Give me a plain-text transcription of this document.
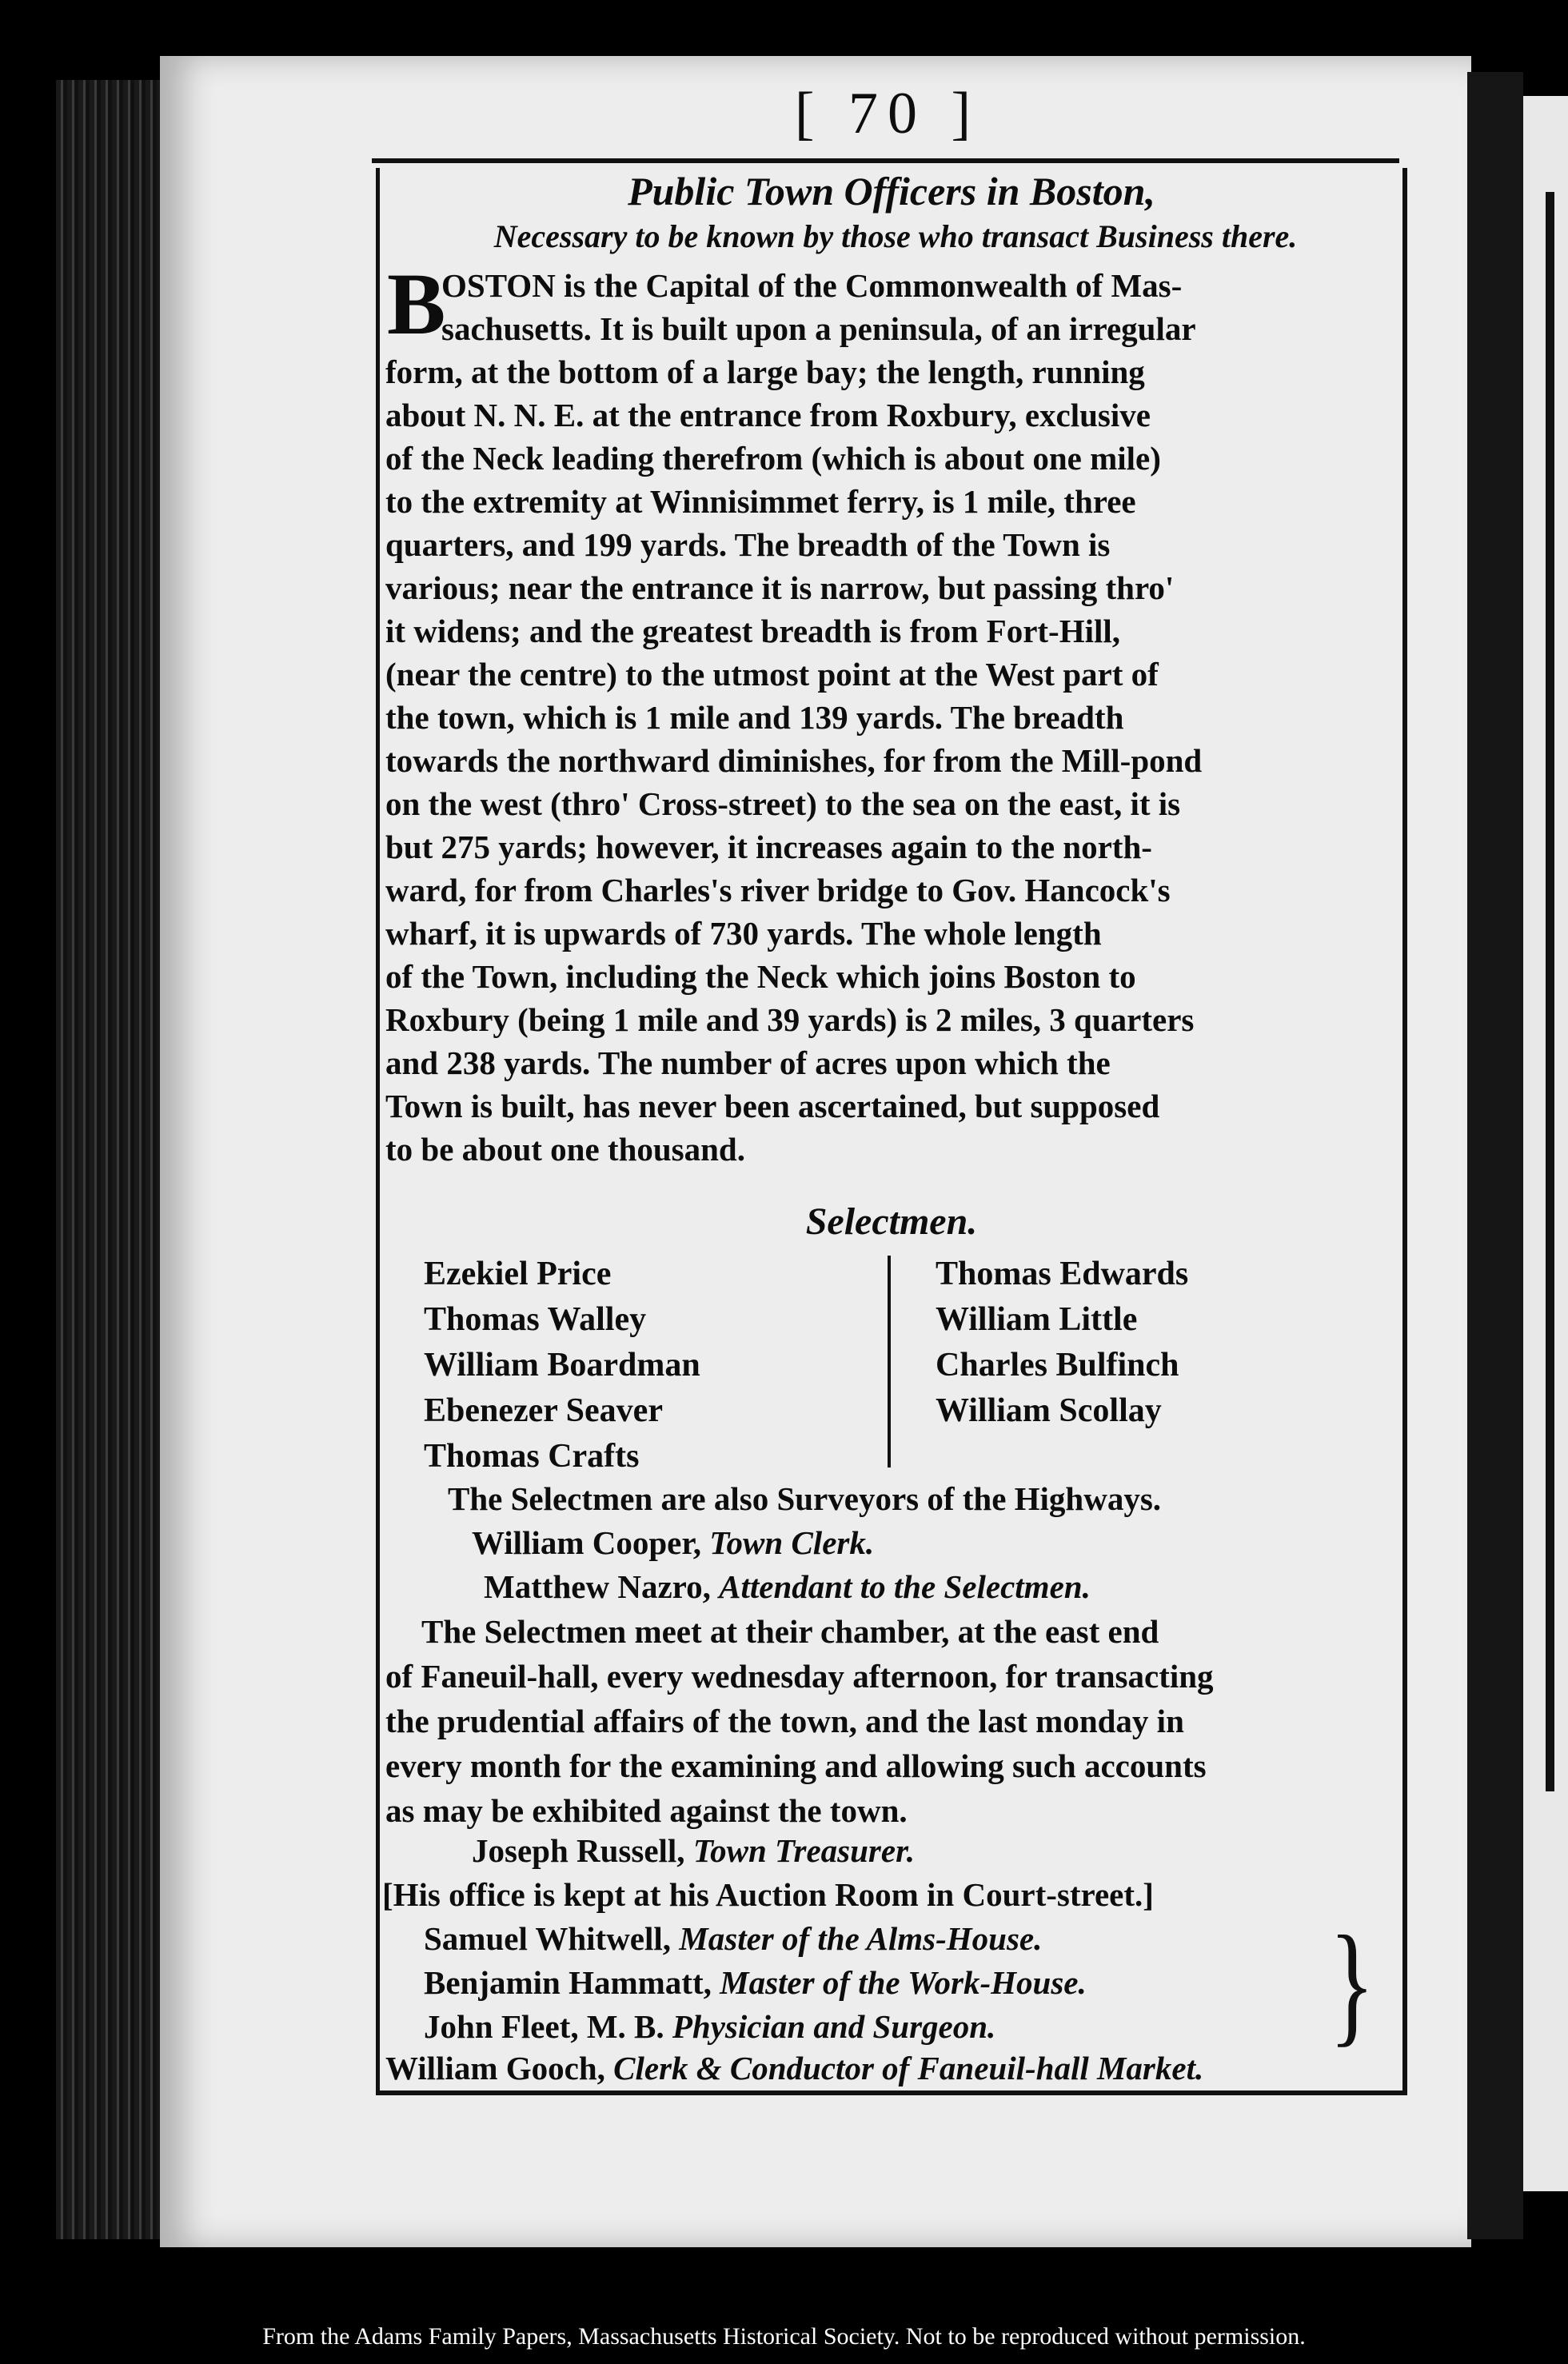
[ 70 ]
Public Town Officers in Boston,
Necessary to be known by those who transact Business there.
B
OSTON is the Capital of the Commonwealth of Mas-
sachusetts. It is built upon a peninsula, of an irregular
form, at the bottom of a large bay; the length, running
about N. N. E. at the entrance from Roxbury, exclusive
of the Neck leading therefrom (which is about one mile)
to the extremity at Winnisimmet ferry, is 1 mile, three
quarters, and 199 yards. The breadth of the Town is
various; near the entrance it is narrow, but passing thro'
it widens; and the greatest breadth is from Fort-Hill,
(near the centre) to the utmost point at the West part of
the town, which is 1 mile and 139 yards. The breadth
towards the northward diminishes, for from the Mill-pond
on the west (thro' Cross-street) to the sea on the east, it is
but 275 yards; however, it increases again to the north-
ward, for from Charles's river bridge to Gov. Hancock's
wharf, it is upwards of 730 yards. The whole length
of the Town, including the Neck which joins Boston to
Roxbury (being 1 mile and 39 yards) is 2 miles, 3 quarters
and 238 yards. The number of acres upon which the
Town is built, has never been ascertained, but supposed
to be about one thousand.
Selectmen.
Ezekiel Price
Thomas Walley
William Boardman
Ebenezer Seaver
Thomas Crafts
Thomas Edwards
William Little
Charles Bulfinch
William Scollay
The Selectmen are also Surveyors of the Highways.
William Cooper, Town Clerk.
Matthew Nazro, Attendant to the Selectmen.
The Selectmen meet at their chamber, at the east end
of Faneuil-hall, every wednesday afternoon, for transacting
the prudential affairs of the town, and the last monday in
every month for the examining and allowing such accounts
as may be exhibited against the town.
Joseph Russell, Town Treasurer.
[His office is kept at his Auction Room in Court-street.]
Samuel Whitwell, Master of the Alms-House.
Benjamin Hammatt, Master of the Work-House.
John Fleet, M. B. Physician and Surgeon. }
William Gooch, Clerk & Conductor of Faneuil-hall Market.
From the Adams Family Papers, Massachusetts Historical Society. Not to be reproduced without permission.
